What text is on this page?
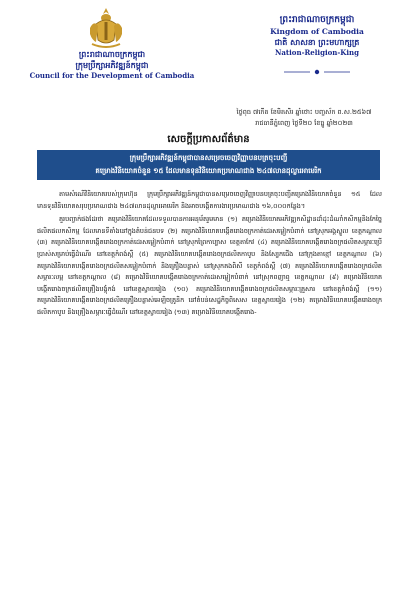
ព្រះរាជាណាចក្រកម្ពុជា
ក្រុមប្រឹក្សាអភិវឌ្ឍន៍កម្ពុជា
Council for the Development of Cambodia
ព្រះរាជាណាចក្រកម្ពុជា
Kingdom of Cambodia
ជាតិ សាសនា ព្រះមហាក្សត្រ
Nation-Religion-King
ថ្ងៃពុធ ៧កើត ខែមិគសិរ ឆ្នាំថោះ បញ្ចស័ក ព.ស.២៥៦៧
រាជធានីភ្នំពេញ ថ្ងៃទី២០ ខែធ្នូ ឆ្នាំ២០២៣
សេចក្តីប្រកាសព័ត៌មាន
ក្រុមប្រឹក្សាអភិវឌ្ឍន៍កម្ពុជាបានសម្រេចចេញវិញ្ញាបនបត្រចុះបញ្ជី
គម្រោងវិនិយោគចំនួន ១៥ ដែលមានទុនវិនិយោគប្រមាណជាង ២៤៧លានដុល្លារអាមេរិក

តាមសំណើវិនិយោគរបស់ក្រុមហ៊ុន ក្រុមប្រឹក្សាអភិវឌ្ឍន៍កម្ពុជាបានសម្រេចចេញវិញ្ញាបនបត្រចុះបញ្ជីគម្រោងវិនិយោគចំនួន ១៥ ដែលមានទុនវិនិយោគសរុបប្រមាណជាង ២៤៧លានដុល្លារអាមេរិក និងអាចបង្កើតការងារប្រមាណជាង ១៦,០០០កន្លែង។

គួរបញ្ជាក់ផងដែរថា គម្រោងវិនិយោគដែលទទួលបានការអនុម័តរួមមាន (១) គម្រោងវិនិយោគអភិវឌ្ឍកសិដ្ឋានដាំដុះដំណាំកសិកម្មនិងកែច្នៃផលិតផលកសិកម្ម ដែលមានទីតាំងនៅក្នុងតំបន់ជនបទ (២) គម្រោងវិនិយោគបង្កើតរោងចក្រកាត់ដេរសម្លៀកបំពាក់ នៅស្រុកអង្គស្នួល ខេត្តកណ្ដាល (៣) គម្រោងវិនិយោគបង្កើតរោងចក្រកាត់ដេរសម្លៀកបំពាក់ នៅស្រុកព្រៃកាប្បាស ខេត្តតាកែវ (៤) គម្រោងវិនិយោគបង្កើតរោងចក្រផលិតសម្ភារៈប្រើប្រាស់សម្រាប់ធ្វើដំណើរ នៅខេត្តកំពង់ស្ពឺ (៥) គម្រោងវិនិយោគបង្កើតរោងចក្រផលិតកាបូប និងស្បែកជើង នៅក្រុងតាខ្មៅ ខេត្តកណ្ដាល (៦) គម្រោងវិនិយោគបង្កើតរោងចក្រផលិតសម្លៀកបំពាក់ និងគ្រឿងបន្លាស់ នៅស្រុកគងពិសី ខេត្តកំពង់ស្ពឺ (៧) គម្រោងវិនិយោគបង្កើតរោងចក្រផលិតសម្ភារៈលម្អ នៅខេត្តកណ្ដាល (៨) គម្រោងវិនិយោគបង្កើតរោងចក្រកាត់ដេរសម្លៀកបំពាក់ នៅស្រុកពញាឮ ខេត្តកណ្ដាល (៩) គម្រោងវិនិយោគបង្កើតរោងចក្រផលិតគ្រឿងបង្គុំកង់ នៅខេត្តស្វាយរៀង (១០) គម្រោងវិនិយោគបង្កើតរោងចក្រផលិតសម្ភារៈគ្រួសារ នៅខេត្តកំពង់ស្ពឺ (១១) គម្រោងវិនិយោគបង្កើតរោងចក្រផលិតគ្រឿងបន្លាស់អេឡិចត្រូនិក នៅតំបន់សេដ្ឋកិច្ចពិសេស ខេត្តស្វាយរៀង (១២) គម្រោងវិនិយោគបង្កើតរោងចក្រផលិតកាបូប និងគ្រឿងសម្ភារៈធ្វើដំណើរ នៅខេត្តស្វាយរៀង (១៣) គម្រោងវិនិយោគបង្កើតរោង-
